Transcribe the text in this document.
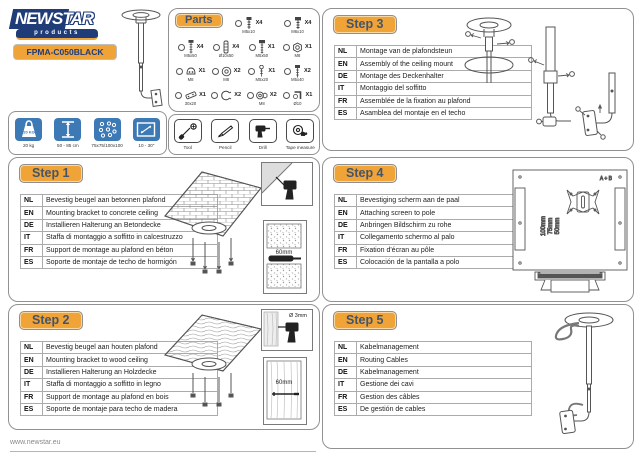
NEW STAR
products
FPMA-C050BLACK
20 KG
20 kg	50 - 85 cm	75x75/100x100	10 - 30"
Parts	X4
M5x10
X4
M6x10
X4
M5x50
X4
Ø10x50
X1
M5x50
X1
M8
X1
M8
X2
M8
X1
M5x20
X2
M5x40
X1
30x20
X2	X2
M8
X1
Ø10
Tool	Pencil	Drill	Tape measure
Step 1
NL	Bevestig beugel aan betonnen plafond
EN	Mounting bracket to concrete ceiling
DE	Installieren Halterung an Betondecke
IT	Staffa di montaggio a soffitto in calcestruzzo
FR	Support de montage au plafond en béton
ES	Soporte de montaje de techo de hormigón
60mm
Step 2
NL	Bevestig beugel aan houten plafond
EN	Mounting bracket to wood ceiling
DE	Installieren Halterung an Holzdecke
IT	Staffa di montaggio a soffitto in legno
FR	Support de montage au plafond en bois
ES	Soporte de montaje para techo de madera
Ø 3mm
60mm
Step 3
NL	Montage van de plafondsteun
EN	Assembly of the ceiling mount
DE	Montage des Deckenhalter
IT	Montaggio del soffitto
FR	Assemblée de la fixation au plafond
ES	Asamblea del montaje en el techo
Step 4
NL	Bevestiging scherm aan de paal
EN	Attaching screen to pole
DE	Anbringen Bildschirm zu rohe
IT	Collegamento schermo al palo
FR	Fixation d'écran au pôle
ES	Colocación de la pantalla a polo
A + B
100mm 75mm 50mm
Step 5
NL	Kabelmanagement
EN	Routing Cables
DE	Kabelmanagement
IT	Gestione dei cavi
FR	Gestion des câbles
ES	De gestión de cables
www.newstar.eu
